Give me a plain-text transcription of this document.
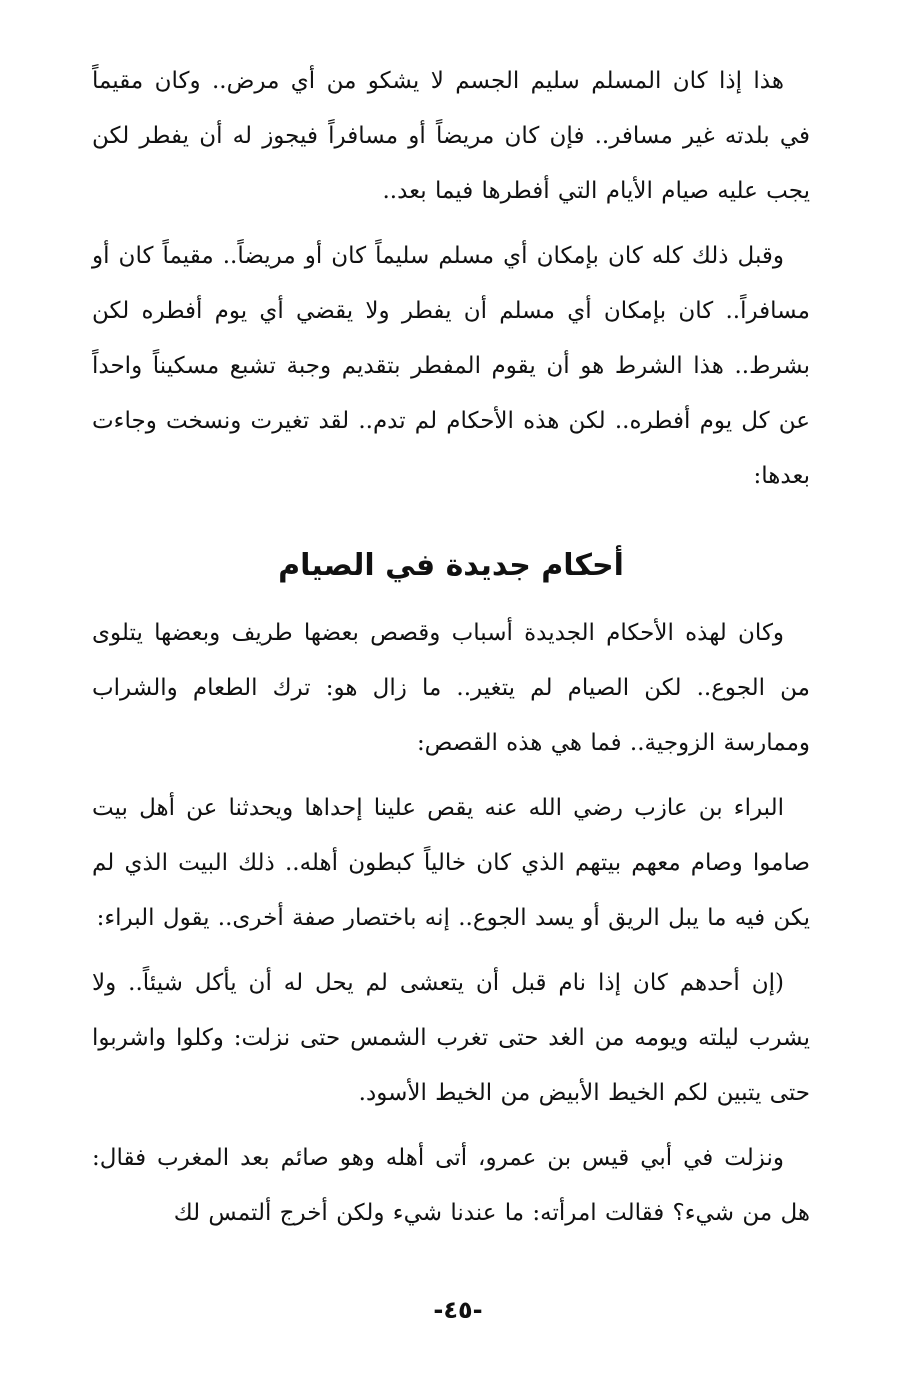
هذا إذا كان المسلم سليم الجسم لا يشكو من أي مرض.. وكان مقيماً في بلدته غير مسافر.. فإن كان مريضاً أو مسافراً فيجوز له أن يفطر لكن يجب عليه صيام الأيام التي أفطرها فيما بعد..

وقبل ذلك كله كان بإمكان أي مسلم سليماً كان أو مريضاً.. مقيماً كان أو مسافراً.. كان بإمكان أي مسلم أن يفطر ولا يقضي أي يوم أفطره لكن بشرط.. هذا الشرط هو أن يقوم المفطر بتقديم وجبة تشبع مسكيناً واحداً عن كل يوم أفطره.. لكن هذه الأحكام لم تدم.. لقد تغيرت ونسخت وجاءت بعدها:

أحكام جديدة في الصيام

وكان لهذه الأحكام الجديدة أسباب وقصص بعضها طريف وبعضها يتلوى من الجوع.. لكن الصيام لم يتغير.. ما زال هو: ترك الطعام والشراب وممارسة الزوجية.. فما هي هذه القصص:

البراء بن عازب رضي الله عنه يقص علينا إحداها ويحدثنا عن أهل بيت صاموا وصام معهم بيتهم الذي كان خالياً كبطون أهله.. ذلك البيت الذي لم يكن فيه ما يبل الريق أو يسد الجوع.. إنه باختصار صفة أخرى.. يقول البراء:

(إن أحدهم كان إذا نام قبل أن يتعشى لم يحل له أن يأكل شيئاً.. ولا يشرب ليلته ويومه من الغد حتى تغرب الشمس حتى نزلت: وكلوا واشربوا حتى يتبين لكم الخيط الأبيض من الخيط الأسود.

ونزلت في أبي قيس بن عمرو، أتى أهله وهو صائم بعد المغرب فقال: هل من شيء؟ فقالت امرأته: ما عندنا شيء ولكن أخرج ألتمس لك

-٤٥-
